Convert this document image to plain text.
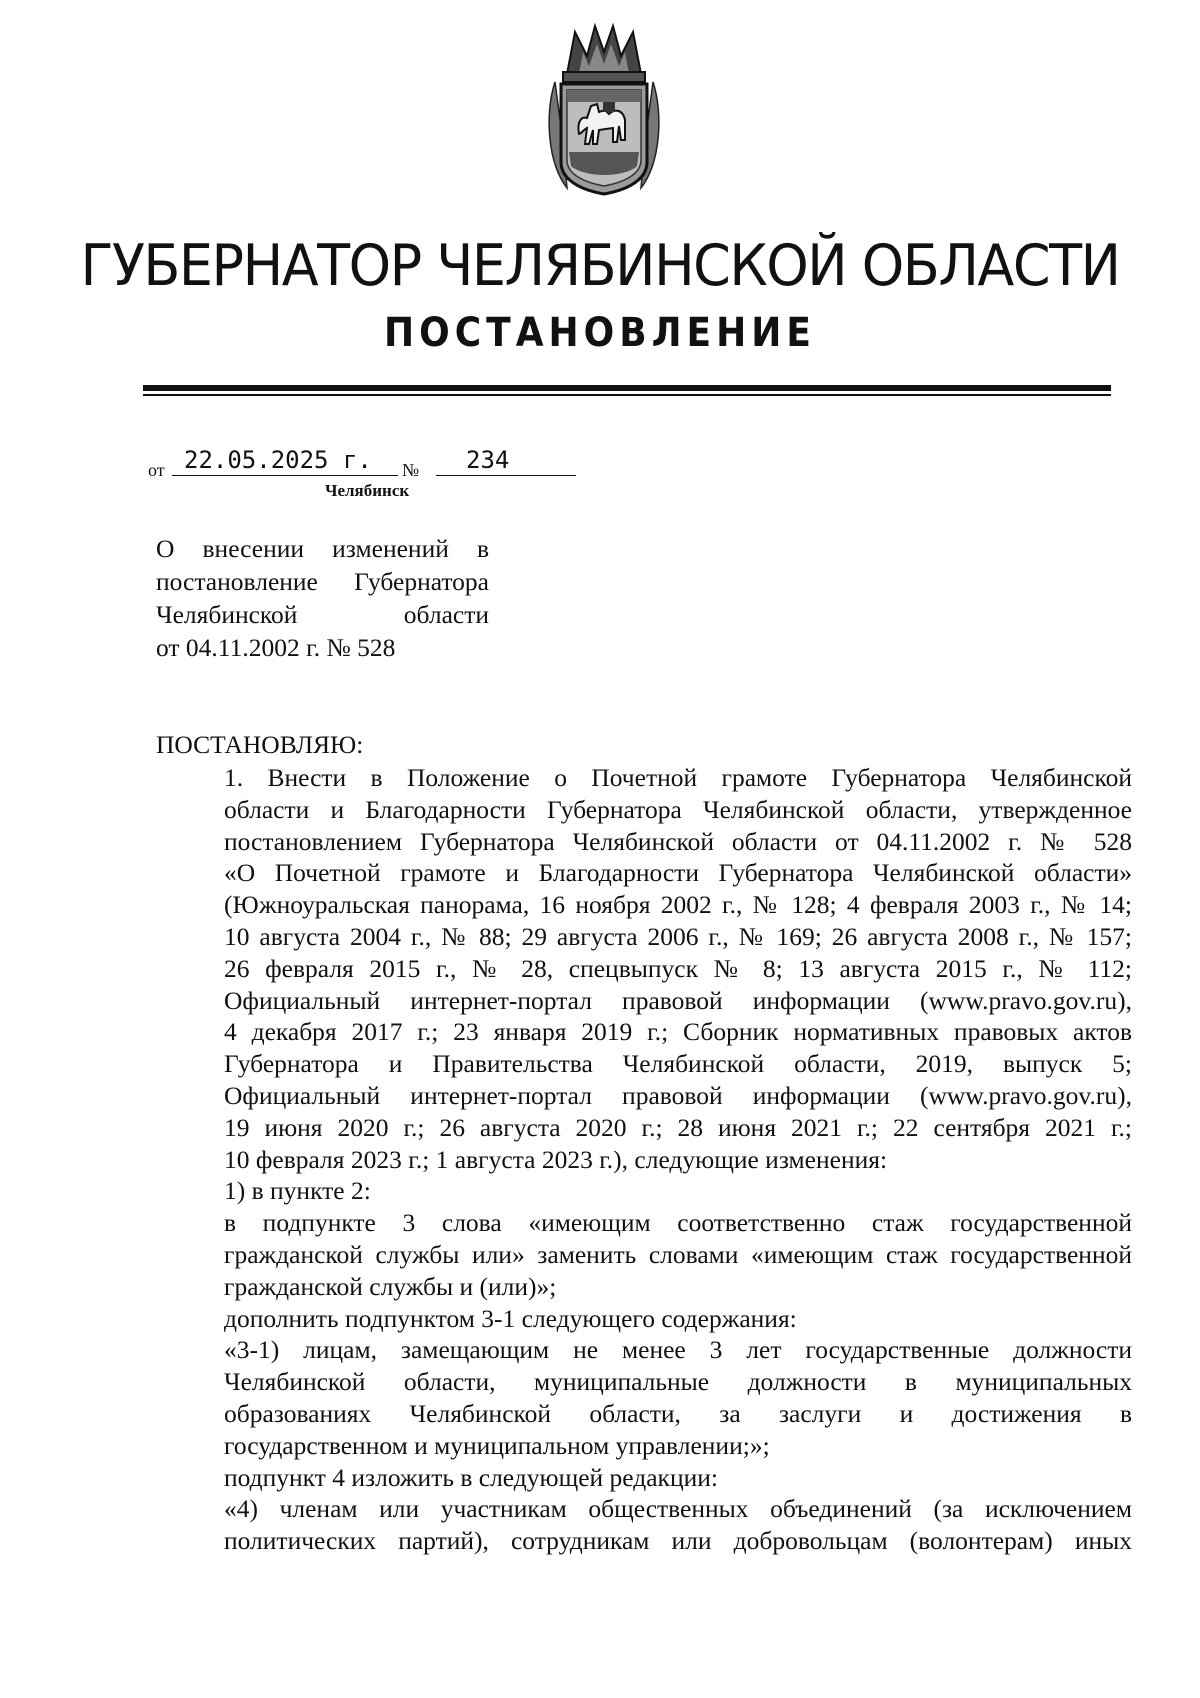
ГУБЕРНАТОР ЧЕЛЯБИНСКОЙ ОБЛАСТИ
ПОСТАНОВЛЕНИЕ
от 22.05.2025 г.	№	234
Челябинск
О внесении изменений в
постановление Губернатора
Челябинской области
от 04.11.2002 г. № 528
ПОСТАНОВЛЯЮ:

1. Внести в Положение о Почетной грамоте Губернатора Челябинской
области и Благодарности Губернатора Челябинской области, утвержденное
постановлением Губернатора Челябинской области от 04.11.2002 г. № 528
«О Почетной грамоте и Благодарности Губернатора Челябинской области»
(Южноуральская панорама, 16 ноября 2002 г., № 128; 4 февраля 2003 г., № 14;
10 августа 2004 г., № 88; 29 августа 2006 г., № 169; 26 августа 2008 г., № 157;
26 февраля 2015 г., № 28, спецвыпуск № 8; 13 августа 2015 г., № 112;
Официальный интернет-портал правовой информации (www.pravo.gov.ru),
4 декабря 2017 г.; 23 января 2019 г.; Сборник нормативных правовых актов
Губернатора и Правительства Челябинской области, 2019, выпуск 5;
Официальный интернет-портал правовой информации (www.pravo.gov.ru),
19 июня 2020 г.; 26 августа 2020 г.; 28 июня 2021 г.; 22 сентября 2021 г.;
10 февраля 2023 г.; 1 августа 2023 г.), следующие изменения:

1) в пункте 2:

в подпункте 3 слова «имеющим соответственно стаж государственной
гражданской службы или» заменить словами «имеющим стаж государственной
гражданской службы и (или)»;

дополнить подпунктом 3-1 следующего содержания:

«3-1) лицам, замещающим не менее 3 лет государственные должности
Челябинской области, муниципальные должности в муниципальных
образованиях Челябинской области, за заслуги и достижения в
государственном и муниципальном управлении;»;

подпункт 4 изложить в следующей редакции:

«4) членам или участникам общественных объединений (за исключением
политических партий), сотрудникам или добровольцам (волонтерам) иных
